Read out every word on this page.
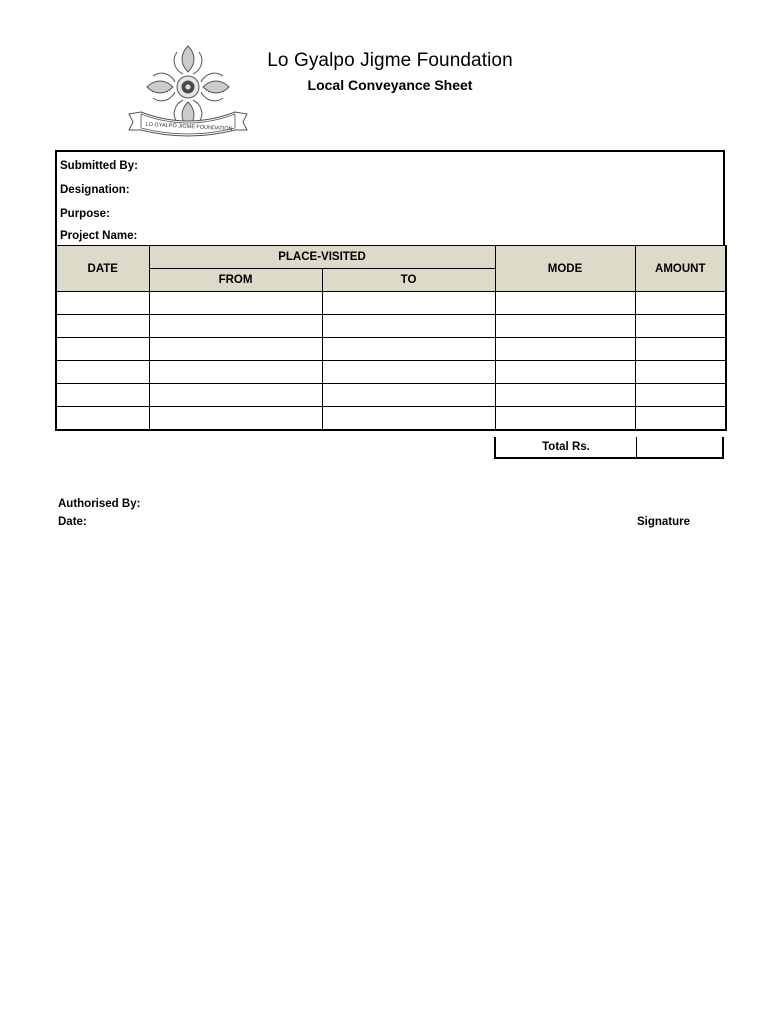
LO GYALPO JIGME FOUNDATION
Lo Gyalpo Jigme Foundation
Local Conveyance Sheet
Submitted By:
Designation:
Purpose:
Project Name:
DATE	PLACE-VISITED		MODE	AMOUNT
	FROM	TO		

Total Rs.
Authorised By:
Date:	Signature
